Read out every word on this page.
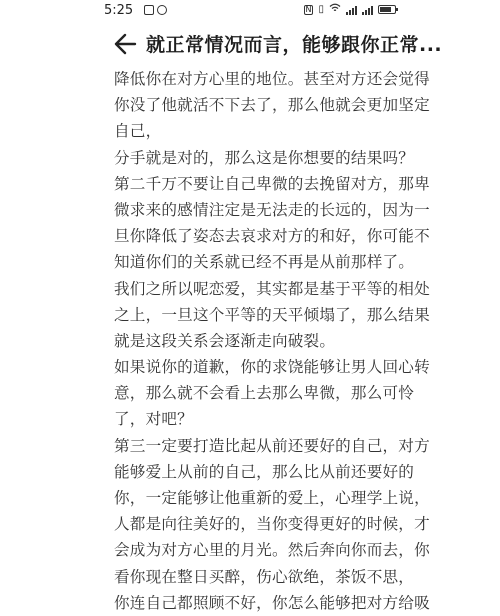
5:25	N ▯
就正常情况而言，能够跟你正常...
降低你在对方心里的地位。甚至对方还会觉得
你没了他就活不下去了，那么他就会更加坚定
自己，
分手就是对的，那么这是你想要的结果吗？
第二千万不要让自己卑微的去挽留对方，那卑
微求来的感情注定是无法走的长远的，因为一
旦你降低了姿态去哀求对方的和好，你可能不
知道你们的关系就已经不再是从前那样了。
我们之所以呢恋爱，其实都是基于平等的相处
之上，一旦这个平等的天平倾塌了，那么结果
就是这段关系会逐渐走向破裂。
如果说你的道歉，你的求饶能够让男人回心转
意，那么就不会看上去那么卑微，那么可怜
了，对吧？
第三一定要打造比起从前还要好的自己，对方
能够爱上从前的自己，那么比从前还要好的
你，一定能够让他重新的爱上，心理学上说，
人都是向往美好的，当你变得更好的时候，才
会成为对方心里的月光。然后奔向你而去，你
看你现在整日买醉，伤心欲绝，茶饭不思，
你连自己都照顾不好，你怎么能够把对方给吸
